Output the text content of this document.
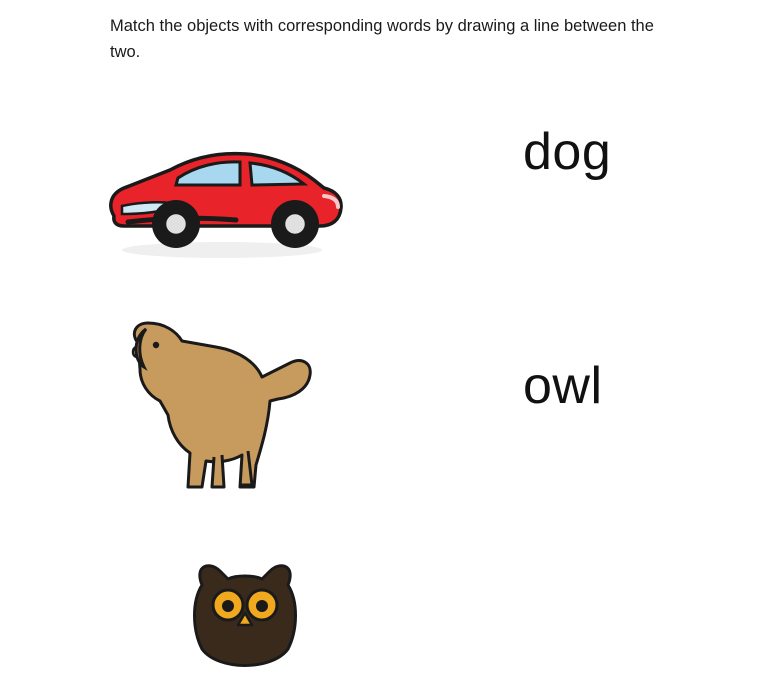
Match the objects with corresponding words by drawing a line between the two.
dog
owl
